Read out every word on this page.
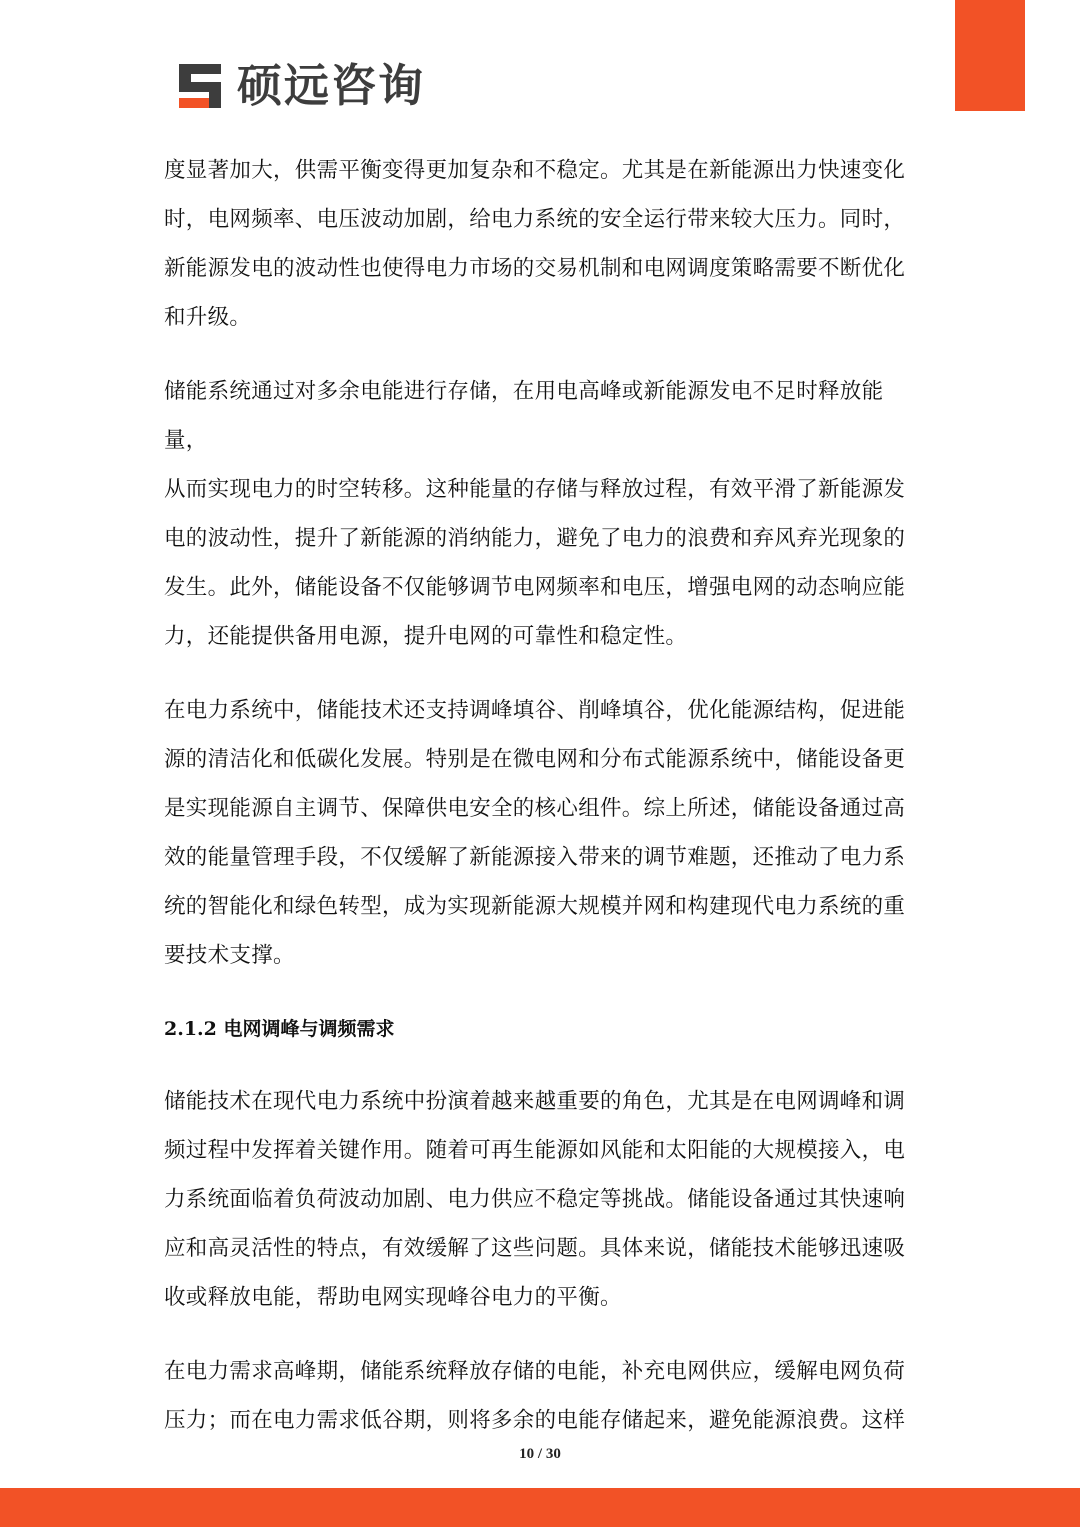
硕远咨询

度显著加大，供需平衡变得更加复杂和不稳定。尤其是在新能源出力快速变化
时，电网频率、电压波动加剧，给电力系统的安全运行带来较大压力。同时，
新能源发电的波动性也使得电力市场的交易机制和电网调度策略需要不断优化
和升级。

储能系统通过对多余电能进行存储，在用电高峰或新能源发电不足时释放能量，
从而实现电力的时空转移。这种能量的存储与释放过程，有效平滑了新能源发
电的波动性，提升了新能源的消纳能力，避免了电力的浪费和弃风弃光现象的
发生。此外，储能设备不仅能够调节电网频率和电压，增强电网的动态响应能
力，还能提供备用电源，提升电网的可靠性和稳定性。

在电力系统中，储能技术还支持调峰填谷、削峰填谷，优化能源结构，促进能
源的清洁化和低碳化发展。特别是在微电网和分布式能源系统中，储能设备更
是实现能源自主调节、保障供电安全的核心组件。综上所述，储能设备通过高
效的能量管理手段，不仅缓解了新能源接入带来的调节难题，还推动了电力系
统的智能化和绿色转型，成为实现新能源大规模并网和构建现代电力系统的重
要技术支撑。

2.1.2 电网调峰与调频需求

储能技术在现代电力系统中扮演着越来越重要的角色，尤其是在电网调峰和调
频过程中发挥着关键作用。随着可再生能源如风能和太阳能的大规模接入，电
力系统面临着负荷波动加剧、电力供应不稳定等挑战。储能设备通过其快速响
应和高灵活性的特点，有效缓解了这些问题。具体来说，储能技术能够迅速吸
收或释放电能，帮助电网实现峰谷电力的平衡。

在电力需求高峰期，储能系统释放存储的电能，补充电网供应，缓解电网负荷
压力；而在电力需求低谷期，则将多余的电能存储起来，避免能源浪费。这样

10 / 30
